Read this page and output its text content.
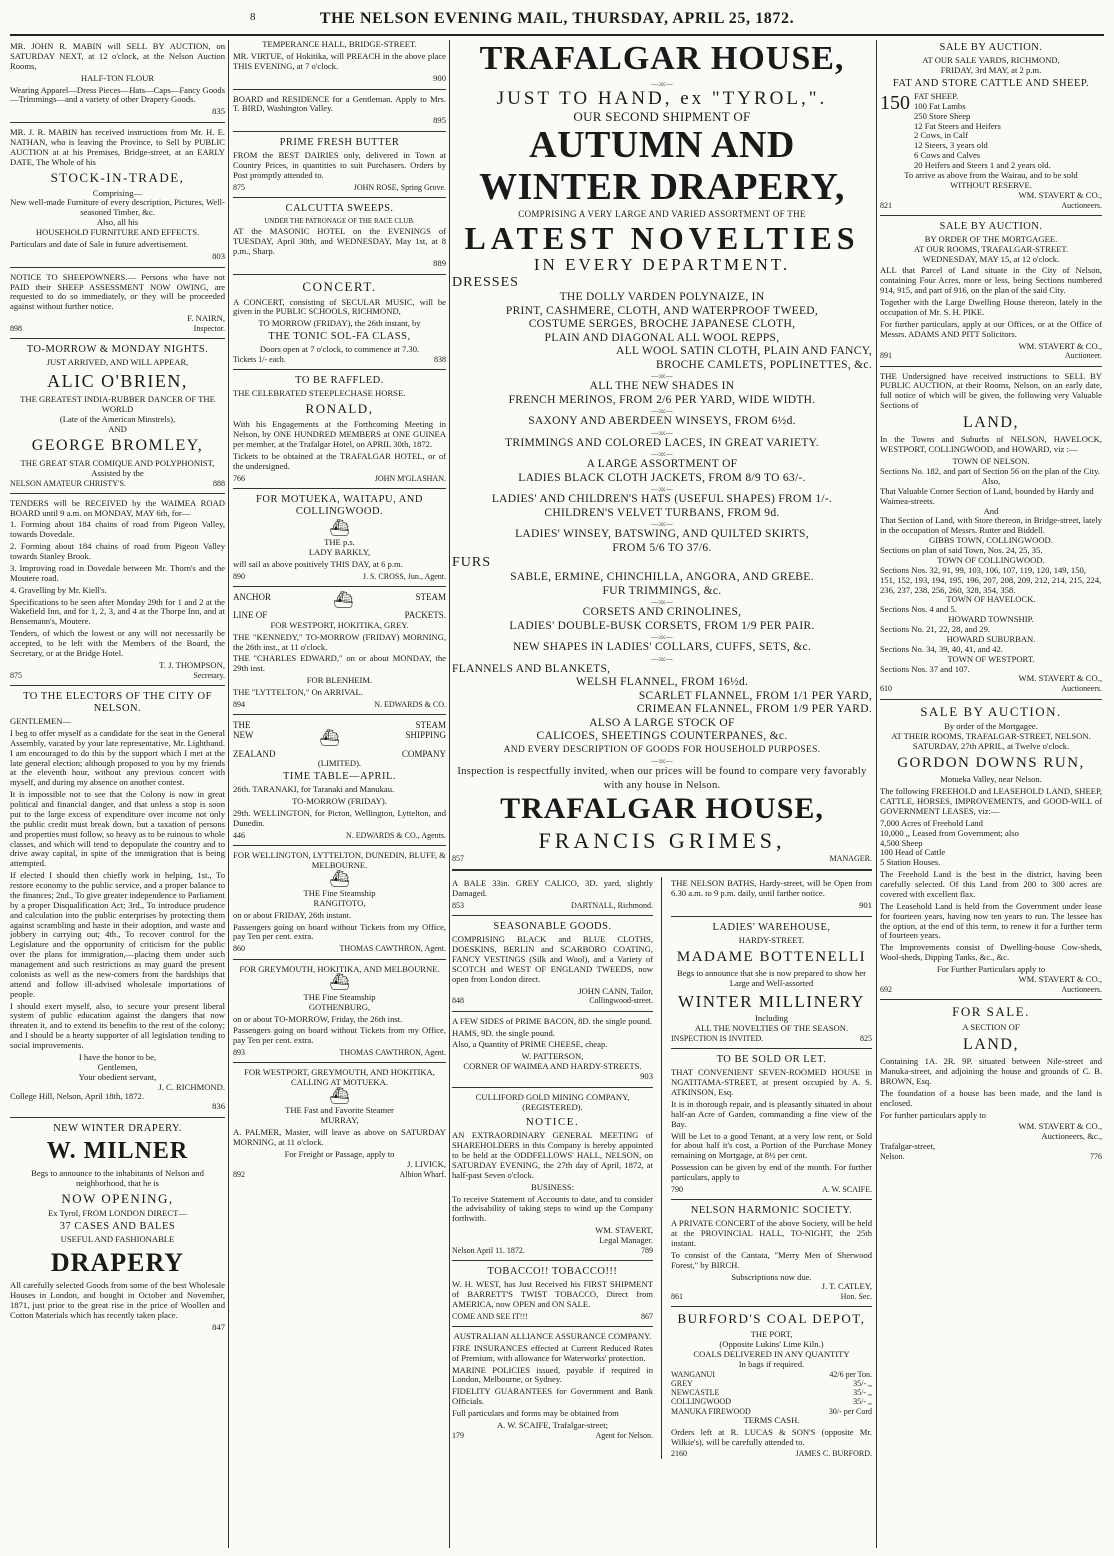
8	THE NELSON EVENING MAIL, THURSDAY, APRIL 25, 1872.

MR. JOHN R. MABIN will SELL BY AUCTION, on SATURDAY NEXT, at 12 o'clock, at the Nelson Auction Rooms,

HALF-TON FLOUR

Wearing Apparel—Dress Pieces—Hats—Caps—Fancy Goods—Trimmings—and a variety of other Drapery Goods.

835

MR. J. R. MABIN has received instructions from Mr. H. E. NATHAN, who is leaving the Province, to Sell by PUBLIC AUCTION at at his Premises, Bridge-street, at an EARLY DATE, The Whole of his

STOCK-IN-TRADE,
Comprising—
New well-made Furniture of every description, Pictures, Well-seasoned Timber, &c.
Also, all his
HOUSEHOLD FURNITURE AND EFFECTS.

Particulars and date of Sale in future advertisement.

803

NOTICE TO SHEEPOWNERS.— Persons who have not PAID their SHEEP ASSESSMENT NOW OWING, are requested to do so immediately, or they will be proceeded against without further notice.

F. NAIRN,
898	Inspector.
TO-MORROW & MONDAY NIGHTS.
JUST ARRIVED, AND WILL APPEAR,
ALIC O'BRIEN,
THE GREATEST INDIA-RUBBER DANCER OF THE WORLD
(Late of the American Minstrels),
AND
GEORGE BROMLEY,
THE GREAT STAR COMIQUE AND POLYPHONIST,
Assisted by the
NELSON AMATEUR CHRISTY'S.	888

TENDERS will be RECEIVED by the WAIMEA ROAD BOARD until 9 a.m. on MONDAY, MAY 6th, for—

1. Forming about 184 chains of road from Pigeon Valley, towards Dovedale.

2. Forming about 184 chains of road from Pigeon Valley towards Stanley Brook.

3. Improving road in Dovedale between Mr. Thorn's and the Moutere road.

4. Gravelling by Mr. Kiell's.

Specifications to be seen after Monday 29th for 1 and 2 at the Wakefield Inn, and for 1, 2, 3, and 4 at the Thorpe Inn, and at Bensemann's, Moutere.

Tenders, of which the lowest or any will not necessarily be accepted, to be left with the Members of the Board, the Secretary, or at the Bridge Hotel.

T. J. THOMPSON,
875	Secretary.
TO THE ELECTORS OF THE CITY OF NELSON.

GENTLEMEN—

I beg to offer myself as a candidate for the seat in the General Assembly, vacated by your late representative, Mr. Lightband. I am encouraged to do this by the support which I met at the late general election; although proposed to you by my friends at the eleventh hour, without any previous concert with myself, and during my absence on another contest.

It is impossible not to see that the Colony is now in great political and financial danger, and that unless a stop is soon put to the large excess of expenditure over income not only the public credit must break down, but a taxation of persons and properties must follow, so heavy as to be ruinous to whole classes, and which will tend to depopulate the country and to drive away capital, in spite of the immigration that is being attempted.

If elected I should then chiefly work in helping, 1st., To restore economy to the public service, and a proper balance to the finances; 2nd., To give greater independence to Parliament by a proper Disqualification Act; 3rd., To introduce prudence and calculation into the public enterprises by protecting them against scrambling and haste in their adoption, and waste and jobbery in carrying out; 4th., To recover control for the Legislature and the opportunity of criticism for the public over the plans for immigration,—placing them under such management and such restrictions as may guard the present colonists as well as the new-comers from the hardships that attend and follow ill-advised wholesale importations of people.

I should exert myself, also, to secure your present liberal system of public education against the dangers that now threaten it, and to extend its benefits to the rest of the colony; and I should be a hearty supporter of all legislation tending to social improvements.

I have the honor to be,
Gentlemen,
Your obedient servant,
J. C. RICHMOND.
College Hill, Nelson, April 18th, 1872.
836
NEW WINTER DRAPERY.
W. MILNER
Begs to announce to the inhabitants of Nelson and neighborhood, that he is
NOW OPENING,
Ex Tyrol, FROM LONDON DIRECT—
37 CASES AND BALES
USEFUL AND FASHIONABLE
DRAPERY

All carefully selected Goods from some of the best Wholesale Houses in London, and bought in October and November, 1871, just prior to the great rise in the price of Woollen and Cotton Materials which has recently taken place.

847
TEMPERANCE HALL, BRIDGE-STREET.

MR. VIRTUE, of Hokitika, will PREACH in the above place THIS EVENING, at 7 o'clock.

900

BOARD and RESIDENCE for a Gentleman. Apply to Mrs. T. BIRD, Washington Valley.

895
PRIME FRESH BUTTER

FROM the BEST DAIRIES only, delivered in Town at Country Prices, in quantities to suit Purchasers. Orders by Post promptly attended to.

875	JOHN ROSE, Spring Grove.
CALCUTTA SWEEPS.
UNDER THE PATRONAGE OF THE RACE CLUB.

AT the MASONIC HOTEL on the EVENINGS of TUESDAY, April 30th, and WEDNESDAY, May 1st, at 8 p.m., Sharp.

889
CONCERT.

A CONCERT, consisting of SECULAR MUSIC, will be given in the PUBLIC SCHOOLS, RICHMOND,

TO MORROW (FRIDAY), the 26th instant, by
THE TONIC SOL-FA CLASS,
Doors open at 7 o'clock, to commence at 7.30.
Tickets 1/- each.	838
TO BE RAFFLED.

THE CELEBRATED STEEPLECHASE HORSE.

RONALD,

With his Engagements at the Forthcoming Meeting in Nelson, by ONE HUNDRED MEMBERS at ONE GUINEA per member, at the Trafalgar Hotel, on APRIL 30th, 1872.

Tickets to be obtained at the TRAFALGAR HOTEL, or of the undersigned.

766	JOHN M'GLASHAN.
FOR MOTUEKA, WAITAPU, AND COLLINGWOOD.
⛴
THE p.s.
LADY BARKLY,

will sail as above positively THIS DAY, at 6 p.m.

890	J. S. CROSS, Jun., Agent.
ANCHOR	⛴	STEAM
LINE OF	PACKETS.
FOR WESTPORT, HOKITIKA, GREY.

THE "KENNEDY," TO-MORROW (FRIDAY) MORNING, the 26th inst., at 11 o'clock.

THE "CHARLES EDWARD," on or about MONDAY, the 29th inst.

FOR BLENHEIM.

THE "LYTTELTON," On ARRIVAL.

894	N. EDWARDS & CO.
THE	STEAM
NEW	⛴	SHIPPING
ZEALAND	COMPANY
(LIMITED).
TIME TABLE—APRIL.

26th. TARANAKI, for Taranaki and Manukau.

TO-MORROW (FRIDAY).

29th. WELLINGTON, for Picton, Wellington, Lyttelton, and Dunedin.

446	N. EDWARDS & CO., Agents.
FOR WELLINGTON, LYTTELTON, DUNEDIN, BLUFF, & MELBOURNE.
⛴
THE Fine Steamship
RANGITOTO,

on or about FRIDAY, 26th instant.

Passengers going on board without Tickets from my Office, pay Ten per cent. extra.

860	THOMAS CAWTHRON, Agent.
FOR GREYMOUTH, HOKITIKA, AND MELBOURNE.
⛴
THE Fine Steamship
GOTHENBURG,

on or about TO-MORROW, Friday, the 26th inst.

Passengers going on board without Tickets from my Office, pay Ten per cent. extra.

893	THOMAS CAWTHRON, Agent.
FOR WESTPORT, GREYMOUTH, AND HOKITIKA,
CALLING AT MOTUEKA.
⛴
THE Fast and Favorite Steamer
MURRAY,

A. PALMER, Master, will leave as above on SATURDAY MORNING, at 11 o'clock.

For Freight or Passage, apply to
J. LIVICK,
892	Albion Wharf.
TRAFALGAR HOUSE,
—:o:—
JUST TO HAND, ex "TYROL,".
OUR SECOND SHIPMENT OF
AUTUMN AND WINTER DRAPERY,
COMPRISING A VERY LARGE AND VARIED ASSORTMENT OF THE
LATEST NOVELTIES
IN EVERY DEPARTMENT.
DRESSES
THE DOLLY VARDEN POLYNAIZE, IN
PRINT, CASHMERE, CLOTH, AND WATERPROOF TWEED,
COSTUME SERGES, BROCHE JAPANESE CLOTH,
PLAIN AND DIAGONAL ALL WOOL REPPS,
ALL WOOL SATIN CLOTH, PLAIN AND FANCY,
BROCHE CAMLETS, POPLINETTES, &c.
—:o:—
ALL THE NEW SHADES IN
FRENCH MERINOS, FROM 2/6 PER YARD, WIDE WIDTH.
—:o:—
SAXONY AND ABERDEEN WINSEYS, FROM 6½d.
—:o:—
TRIMMINGS AND COLORED LACES, IN GREAT VARIETY.
—:o:—
A LARGE ASSORTMENT OF
LADIES BLACK CLOTH JACKETS, FROM 8/9 TO 63/-.
—:o:—
LADIES' AND CHILDREN'S HATS (USEFUL SHAPES) FROM 1/-.
CHILDREN'S VELVET TURBANS, FROM 9d.
—:o:—
LADIES' WINSEY, BATSWING, AND QUILTED SKIRTS,
FROM 5/6 TO 37/6.
FURS
SABLE, ERMINE, CHINCHILLA, ANGORA, AND GREBE.
FUR TRIMMINGS, &c.
—:o:—
CORSETS AND CRINOLINES,
LADIES' DOUBLE-BUSK CORSETS, FROM 1/9 PER PAIR.
—:o:—
NEW SHAPES IN LADIES' COLLARS, CUFFS, SETS, &c.
—:o:—
FLANNELS AND BLANKETS,
WELSH FLANNEL, FROM 16½d.
SCARLET FLANNEL, FROM 1/1 PER YARD,
CRIMEAN FLANNEL, FROM 1/9 PER YARD.
ALSO A LARGE STOCK OF
CALICOES, SHEETINGS COUNTERPANES, &c.
AND EVERY DESCRIPTION OF GOODS FOR HOUSEHOLD PURPOSES.
—:o:—
Inspection is respectfully invited, when our prices will be found to compare very favorably with any house in Nelson.
TRAFALGAR HOUSE,
FRANCIS GRIMES,
857	MANAGER.

A BALE 33in. GREY CALICO, 3D. yard, slightly Damaged.

853	DARTNALL, Richmond.
SEASONABLE GOODS.

COMPRISING BLACK and BLUE CLOTHS, DOESKINS, BERLIN and SCARBORO COATING, FANCY VESTINGS (Silk and Wool), and a Variety of SCOTCH and WEST OF ENGLAND TWEEDS, now open from London direct.

JOHN CANN, Tailor,
848	Collingwood-street.

A FEW SIDES of PRIME BACON, 8D. the single pound.

HAMS, 9D. the single pound.

Also, a Quantity of PRIME CHEESE, cheap.

W. PATTERSON,
CORNER OF WAIMEA AND HARDY-STREETS.
903
CULLIFORD GOLD MINING COMPANY,
(REGISTERED).
NOTICE.

AN EXTRAORDINARY GENERAL MEETING of SHAREHOLDERS in this Company is hereby appointed to be held at the ODDFELLOWS' HALL, NELSON, on SATURDAY EVENING, the 27th day of April, 1872, at half-past Seven o'clock.

BUSINESS:

To receive Statement of Accounts to date, and to consider the advisability of taking steps to wind up the Company forthwith.

WM. STAVERT,
Legal Manager.
Nelson April 11. 1872.	789
TOBACCO!! TOBACCO!!!

W. H. WEST, has Just Received his FIRST SHIPMENT of BARRETT'S TWIST TOBACCO, Direct from AMERICA, now OPEN and ON SALE.

COME AND SEE IT!!!	867
AUSTRALIAN ALLIANCE ASSURANCE COMPANY.

FIRE INSURANCES effected at Current Reduced Rates of Premium, with allowance for Waterworks' protection.

MARINE POLICIES issued, payable if required in London, Melbourne, or Sydney.

FIDELITY GUARANTEES for Government and Bank Officials.

Full particulars and forms may be obtained from

A. W. SCAIFE, Trafalgar-street;
179	Agent for Nelson.

THE NELSON BATHS, Hardy-street, will be Open from 6.30 a.m. to 9 p.m. daily, until farther notice.

901
LADIES' WAREHOUSE,
HARDY-STREET.
MADAME BOTTENELLI
Begs to announce that she is now prepared to show her Large and Well-assorted
WINTER MILLINERY
Including
ALL THE NOVELTIES OF THE SEASON.
INSPECTION IS INVITED.	825
TO BE SOLD OR LET.

THAT CONVENIENT SEVEN-ROOMED HOUSE in NGATITAMA-STREET, at present occupied by A. S. ATKINSON, Esq.

It is in thorough repair, and is pleasantly situated in about half-an Acre of Garden, commanding a fine view of the Bay.

Will be Let to a good Tenant, at a very low rent, or Sold for about half it's cost, a Portion of the Purchase Money remaining on Mortgage, at 8½ per cent.

Possession can be given by end of the month. For further particulars, apply to

790	A. W. SCAIFE.
NELSON HARMONIC SOCIETY.

A PRIVATE CONCERT of the above Society, will be held at the PROVINCIAL HALL, TO-NIGHT, the 25th instant.

To consist of the Cantata, "Merry Men of Sherwood Forest," by BIRCH.

Subscriptions now due.
J. T. CATLEY,
861	Hon. Sec.
BURFORD'S COAL DEPOT,
THE PORT,
(Opposite Lukins' Lime Kiln.)
COALS DELIVERED IN ANY QUANTITY
In bags if required.
WANGANUI	42/6 per Ton.
GREY	35/- ,,
NEWCASTLE	35/- ,,
COLLINGWOOD	35/- ,,
MANUKA FIREWOOD	30/- per Cord
TERMS CASH.

Orders left at R. LUCAS & SON'S (opposite Mr. Wilkie's), will be carefully attended to.

2160	JAMES C. BURFORD.
SALE BY AUCTION.
AT OUR SALE YARDS, RICHMOND,
FRIDAY, 3rd MAY, at 2 p.m.
FAT AND STORE CATTLE AND SHEEP.
150 FAT SHEEP.
100 Fat Lambs
250 Store Sheep
12 Fat Steers and Heifers
2 Cows, in Calf
12 Steers, 3 years old
6 Cows and Calves
20 Heifers and Steers 1 and 2 years old.
To arrive as above from the Wairau, and to be sold
WITHOUT RESERVE.
WM. STAVERT & CO.,
821	Auctioneers.
SALE BY AUCTION.
BY ORDER OF THE MORTGAGEE.
AT OUR ROOMS, TRAFALGAR-STREET.
WEDNESDAY, MAY 15, at 12 o'clock.

ALL that Parcel of Land situate in the City of Nelson, containing Four Acres, more or less, being Sections numbered 914, 915, and part of 916, on the plan of the said City.

Together with the Large Dwelling House thereon, lately in the occupation of Mr. S. H. PIKE.

For further particulars, apply at our Offices, or at the Office of Messrs. ADAMS AND PITT Solicitors.

WM. STAVERT & CO.,
891	Auctioneer.

THE Undersigned have received instructions to SELL BY PUBLIC AUCTION, at their Rooms, Nelson, on an early date, full notice of which will be given, the following very Valuable Sections of

LAND,

In the Towns and Suburbs of NELSON, HAVELOCK, WESTPORT, COLLINGWOOD, and HOWARD, viz :—

TOWN OF NELSON.
Sections No. 182, and part of Section 56 on the plan of the City.
Also,
That Valuable Corner Section of Land, bounded by Hardy and Waimea-streets.
And
That Section of Land, with Store thereon, in Bridge-street, lately in the occupation of Messrs. Rutter and Biddell.
GIBBS TOWN, COLLINGWOOD.
Sections on plan of said Town, Nos. 24, 25, 35.
TOWN OF COLLINGWOOD.
Sections Nos. 32, 91, 99, 103, 106, 107, 119, 120, 149, 150, 151, 152, 193, 194, 195, 196, 207, 208, 209, 212, 214, 215, 224, 236, 237, 238, 256, 260, 328, 354, 358.
TOWN OF HAVELOCK.
Sections Nos. 4 and 5.
HOWARD TOWNSHIP.
Sections No. 21, 22, 28, and 29.
HOWARD SUBURBAN.
Sections No. 34, 39, 40, 41, and 42.
TOWN OF WESTPORT.
Sections Nos. 37 and 107.
WM. STAVERT & CO.,
610	Auctioneers.
SALE BY AUCTION.
By order of the Mortgagee.
AT THEIR ROOMS, TRAFALGAR-STREET, NELSON.
SATURDAY, 27th APRIL, at Twelve o'clock.
GORDON DOWNS RUN,
Motueka Valley, near Nelson.

The following FREEHOLD and LEASEHOLD LAND, SHEEP, CATTLE, HORSES, IMPROVEMENTS, and GOOD-WILL of GOVERNMENT LEASES, viz:—

7,000 Acres of Freehold Land
10,000 ,, Leased from Government; also
4,500 Sheep
100 Head of Cattle
5 Station Houses.

The Freehold Land is the best in the district, having been carefully selected. Of this Land from 200 to 300 acres are covered with excellent flax.

The Leasehold Land is held from the Government under lease for fourteen years, having now ten years to run. The lessee has the option, at the end of this term, to renew it for a further term of fourteen years.

The Improvements consist of Dwelling-house Cow-sheds, Wool-sheds, Dipping Tanks, &c., &c.

For Further Particulars apply to
WM. STAVERT & CO.,
692	Auctioneers.
FOR SALE.
A SECTION OF
LAND,

Containing 1A. 2R. 9P. situated between Nile-street and Manuka-street, and adjoining the house and grounds of C. B. BROWN, Esq.

The foundation of a house has been made, and the land is enclosed.

For further particulars apply to

WM. STAVERT & CO.,
Auctioneers, &c.,
Trafalgar-street,
Nelson.	776
